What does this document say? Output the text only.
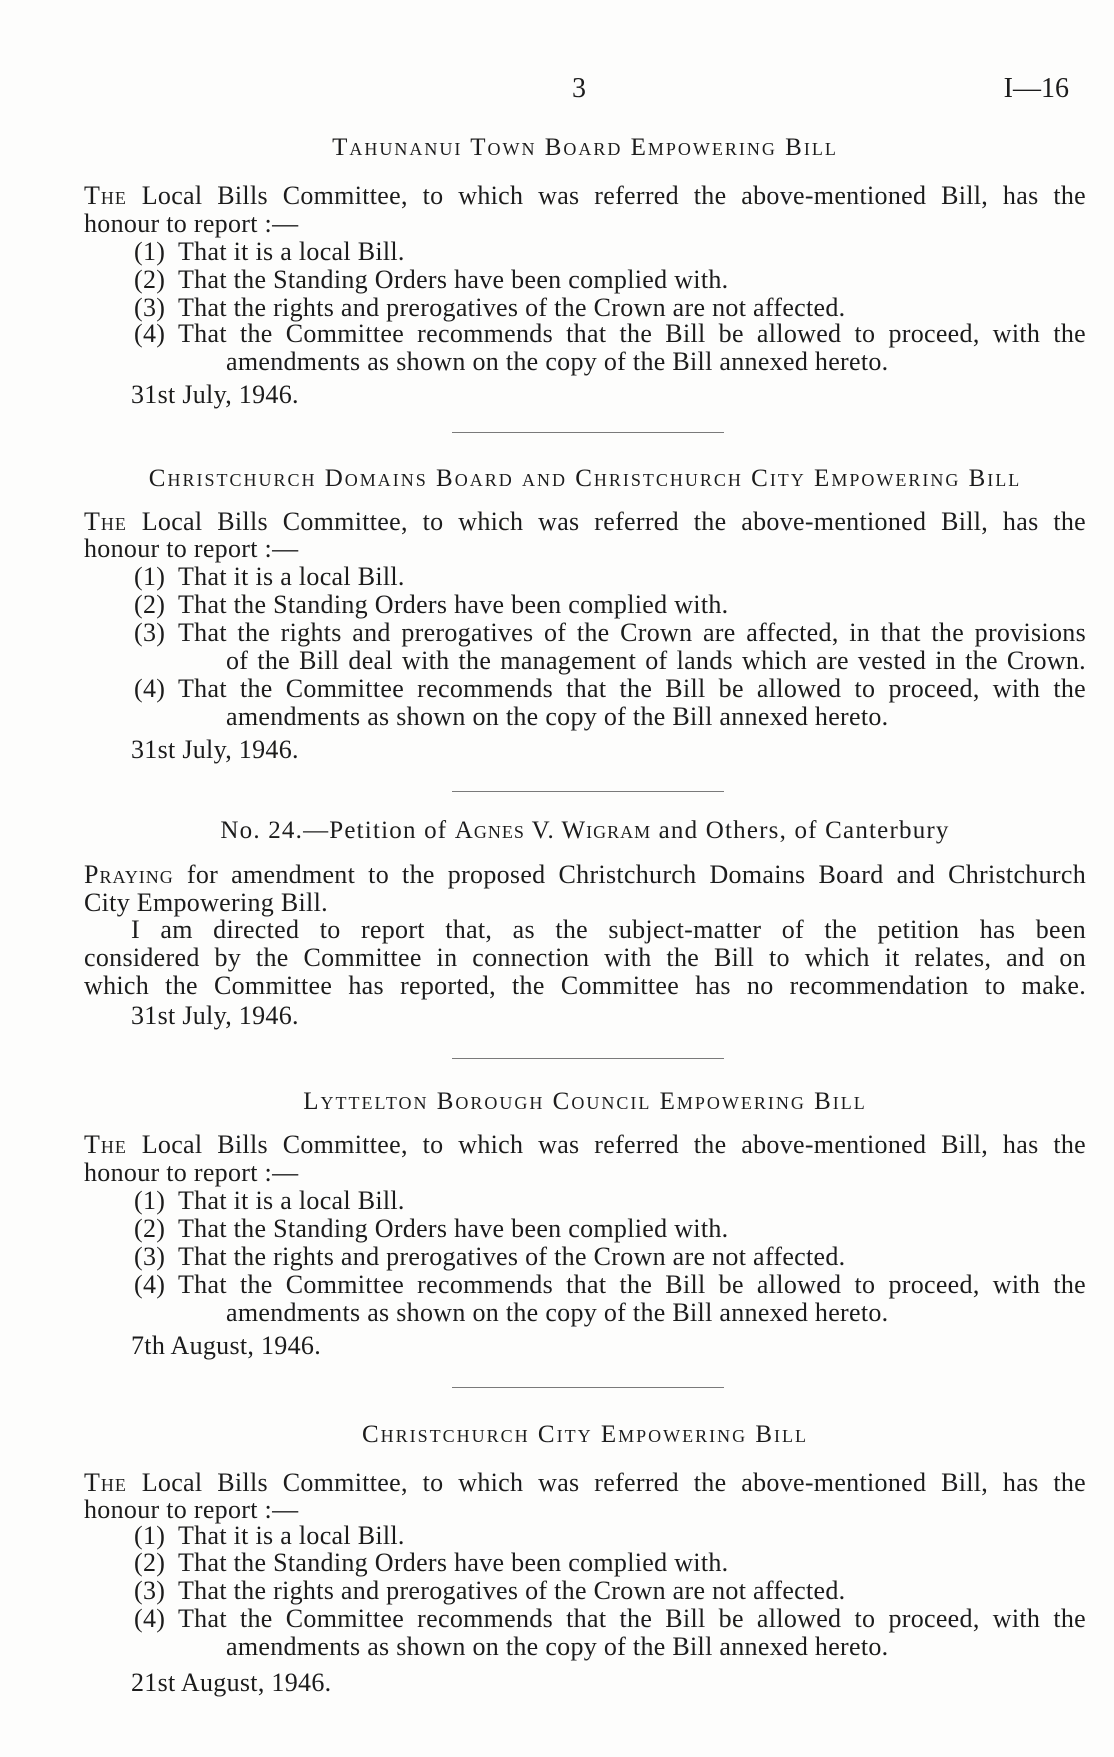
3	I—16
Tahunanui Town Board Empowering Bill
The Local Bills Committee, to which was referred the above-mentioned Bill, has the
honour to report :—
(1) That it is a local Bill.
(2) That the Standing Orders have been complied with.
(3) That the rights and prerogatives of the Crown are not affected.
(4) That the Committee recommends that the Bill be allowed to proceed, with the
amendments as shown on the copy of the Bill annexed hereto.
31st July, 1946.
Christchurch Domains Board and Christchurch City Empowering Bill
The Local Bills Committee, to which was referred the above-mentioned Bill, has the
honour to report :—
(1) That it is a local Bill.
(2) That the Standing Orders have been complied with.
(3) That the rights and prerogatives of the Crown are affected, in that the provisions
of the Bill deal with the management of lands which are vested in the Crown.
(4) That the Committee recommends that the Bill be allowed to proceed, with the
amendments as shown on the copy of the Bill annexed hereto.
31st July, 1946.
No. 24.—Petition of Agnes V. Wigram and Others, of Canterbury
Praying for amendment to the proposed Christchurch Domains Board and Christchurch
City Empowering Bill.
I am directed to report that, as the subject-matter of the petition has been
considered by the Committee in connection with the Bill to which it relates, and on
which the Committee has reported, the Committee has no recommendation to make.
31st July, 1946.
Lyttelton Borough Council Empowering Bill
The Local Bills Committee, to which was referred the above-mentioned Bill, has the
honour to report :—
(1) That it is a local Bill.
(2) That the Standing Orders have been complied with.
(3) That the rights and prerogatives of the Crown are not affected.
(4) That the Committee recommends that the Bill be allowed to proceed, with the
amendments as shown on the copy of the Bill annexed hereto.
7th August, 1946.
Christchurch City Empowering Bill
The Local Bills Committee, to which was referred the above-mentioned Bill, has the
honour to report :—
(1) That it is a local Bill.
(2) That the Standing Orders have been complied with.
(3) That the rights and prerogatives of the Crown are not affected.
(4) That the Committee recommends that the Bill be allowed to proceed, with the
amendments as shown on the copy of the Bill annexed hereto.
21st August, 1946.
